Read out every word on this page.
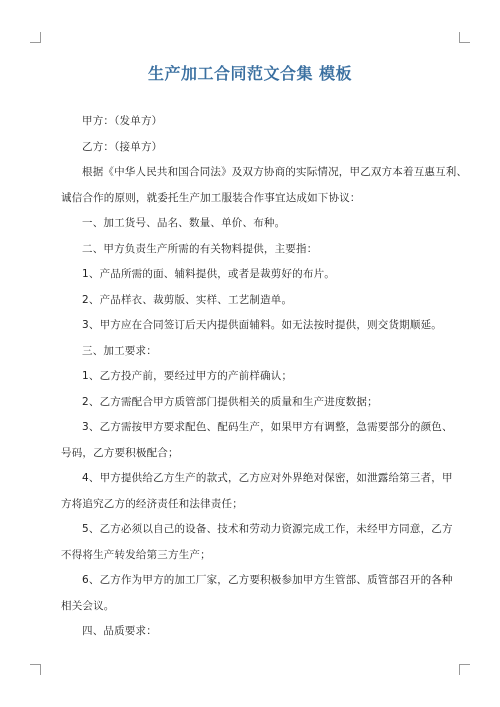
生产加工合同范文合集 模板
甲方：（发单方）
乙方：（接单方）
根据《中华人民共和国合同法》及双方协商的实际情况，甲乙双方本着互惠互利、
诚信合作的原则，就委托生产加工服装合作事宜达成如下协议：
一、加工货号、品名、数量、单价、布种。
二、甲方负责生产所需的有关物料提供，主要指：
1、产品所需的面、辅料提供，或者是裁剪好的布片。
2、产品样衣、裁剪版、实样、工艺制造单。
3、甲方应在合同签订后天内提供面辅料。如无法按时提供，则交货期顺延。
三、加工要求：
1、乙方投产前，要经过甲方的产前样确认；
2、乙方需配合甲方质管部门提供相关的质量和生产进度数据；
3、乙方需按甲方要求配色、配码生产，如果甲方有调整，急需要部分的颜色、
号码，乙方要积极配合；
4、甲方提供给乙方生产的款式，乙方应对外界绝对保密，如泄露给第三者，甲
方将追究乙方的经济责任和法律责任；
5、乙方必须以自己的设备、技术和劳动力资源完成工作，未经甲方同意，乙方
不得将生产转发给第三方生产；
6、乙方作为甲方的加工厂家，乙方要积极参加甲方生管部、质管部召开的各种
相关会议。
四、品质要求：
